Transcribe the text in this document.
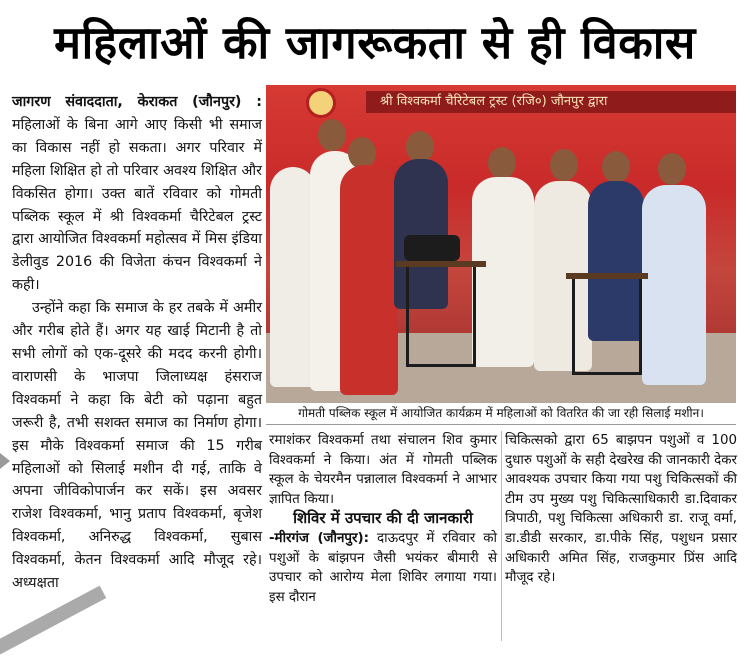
महिलाओं की जागरूकता से ही विकास

जागरण संवाददाता, केराकत (जौनपुर) : महिलाओं के बिना आगे आए किसी भी समाज का विकास नहीं हो सकता। अगर परिवार में महिला शिक्षित हो तो परिवार अवश्य शिक्षित और विकसित होगा। उक्त बातें रविवार को गोमती पब्लिक स्कूल में श्री विश्वकर्मा चैरिटेबल ट्रस्ट द्वारा आयोजित विश्वकर्मा महोत्सव में मिस इंडिया डेलीवुड 2016 की विजेता कंचन विश्वकर्मा ने कही।

उन्होंने कहा कि समाज के हर तबके में अमीर और गरीब होते हैं। अगर यह खाई मिटानी है तो सभी लोगों को एक-दूसरे की मदद करनी होगी। वाराणसी के भाजपा जिलाध्यक्ष हंसराज विश्वकर्मा ने कहा कि बेटी को पढ़ाना बहुत जरूरी है, तभी सशक्त समाज का निर्माण होगा। इस मौके विश्वकर्मा समाज की 15 गरीब महिलाओं को सिलाई मशीन दी गई, ताकि वे अपना जीविकोपार्जन कर सकें। इस अवसर राजेश विश्वकर्मा, भानु प्रताप विश्वकर्मा, बृजेश विश्वकर्मा, अनिरुद्ध विश्वकर्मा, सुबास विश्वकर्मा, केतन विश्वकर्मा आदि मौजूद रहे। अध्यक्षता

श्री विश्वकर्मा चैरिटेबल ट्रस्ट (रजि०) जौनपुर द्वारा
गोमती पब्लिक स्कूल में आयोजित कार्यक्रम में महिलाओं को वितरित की जा रही सिलाई मशीन।

रमाशंकर विश्वकर्मा तथा संचालन शिव कुमार विश्वकर्मा ने किया। अंत में गोमती पब्लिक स्कूल के चेयरमैन पन्नालाल विश्वकर्मा ने आभार ज्ञापित किया।

शिविर में उपचार की दी जानकारी

-मीरगंज (जौनपुर): दाऊदपुर में रविवार को पशुओं के बांझपन जैसी भयंकर बीमारी से उपचार को आरोग्य मेला शिविर लगाया गया। इस दौरान

चिकित्सको द्वारा 65 बाझपन पशुओं व 100 दुधारु पशुओं के सही देखरेख की जानकारी देकर आवश्यक उपचार किया गया पशु चिकित्सकों की टीम उप मुख्य पशु चिकित्साधिकारी डा.दिवाकर त्रिपाठी, पशु चिकित्सा अधिकारी डा. राजू वर्मा, डा.डीडी सरकार, डा.पीके सिंह, पशुधन प्रसार अधिकारी अमित सिंह, राजकुमार प्रिंस आदि मौजूद रहे।
